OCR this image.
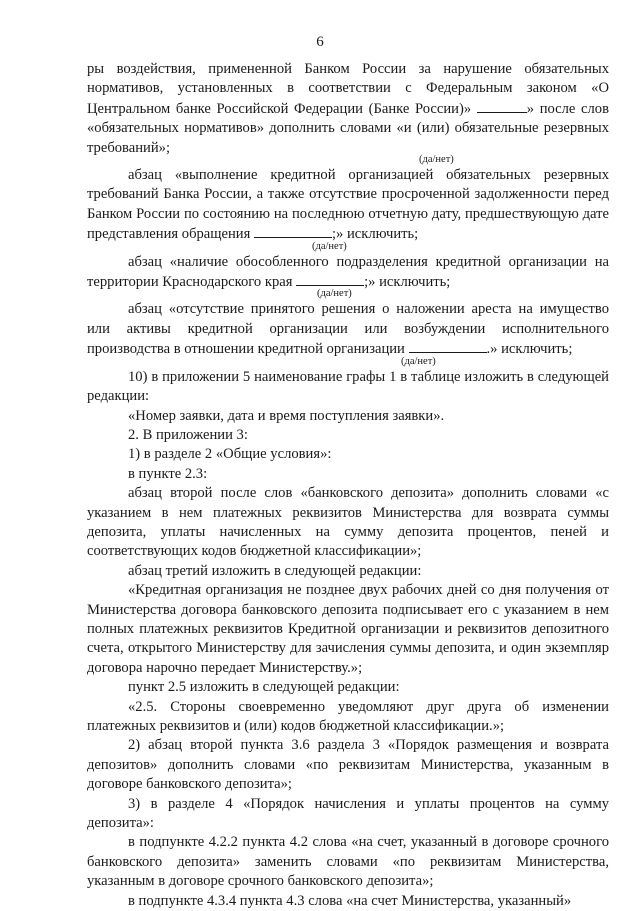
6

ры воздействия, примененной Банком России за нарушение обязательных нормативов, установленных в соответствии с Федеральным законом «О Центральном банке Российской Федерации (Банке России)»	» после слов «обязательных нормативов» дополнить словами «и (или) обязательные резервных требований»;

(да/нет)

абзац «выполнение кредитной организацией обязательных резервных требований Банка России, а также отсутствие просроченной задолженности перед Банком России по состоянию на последнюю отчетную дату, предшествующую дате представления обращения	;» исключить;

(да/нет)

абзац «наличие обособленного подразделения кредитной организации на территории Краснодарского края	;» исключить;

(да/нет)

абзац «отсутствие принятого решения о наложении ареста на имущество или активы кредитной организации или возбуждении исполнительного производства в отношении кредитной организации	.» исключить;

(да/нет)

10) в приложении 5 наименование графы 1 в таблице изложить в следующей редакции:

«Номер заявки, дата и время поступления заявки».

2. В приложении 3:

1) в разделе 2 «Общие условия»:

в пункте 2.3:

абзац второй после слов «банковского депозита» дополнить словами «с указанием в нем платежных реквизитов Министерства для возврата суммы депозита, уплаты начисленных на сумму депозита процентов, пеней и соответствующих кодов бюджетной классификации»;

абзац третий изложить в следующей редакции:

«Кредитная организация не позднее двух рабочих дней со дня получения от Министерства договора банковского депозита подписывает его с указанием в нем полных платежных реквизитов Кредитной организации и реквизитов депозитного счета, открытого Министерству для зачисления суммы депозита, и один экземпляр договора нарочно передает Министерству.»;

пункт 2.5 изложить в следующей редакции:

«2.5. Стороны своевременно уведомляют друг друга об изменении платежных реквизитов и (или) кодов бюджетной классификации.»;

2) абзац второй пункта 3.6 раздела 3 «Порядок размещения и возврата депозитов» дополнить словами «по реквизитам Министерства, указанным в договоре банковского депозита»;

3) в разделе 4 «Порядок начисления и уплаты процентов на сумму депозита»:

в подпункте 4.2.2 пункта 4.2 слова «на счет, указанный в договоре срочного банковского депозита» заменить словами «по реквизитам Министерства, указанным в договоре срочного банковского депозита»;

в подпункте 4.3.4 пункта 4.3 слова «на счет Министерства, указанный»
